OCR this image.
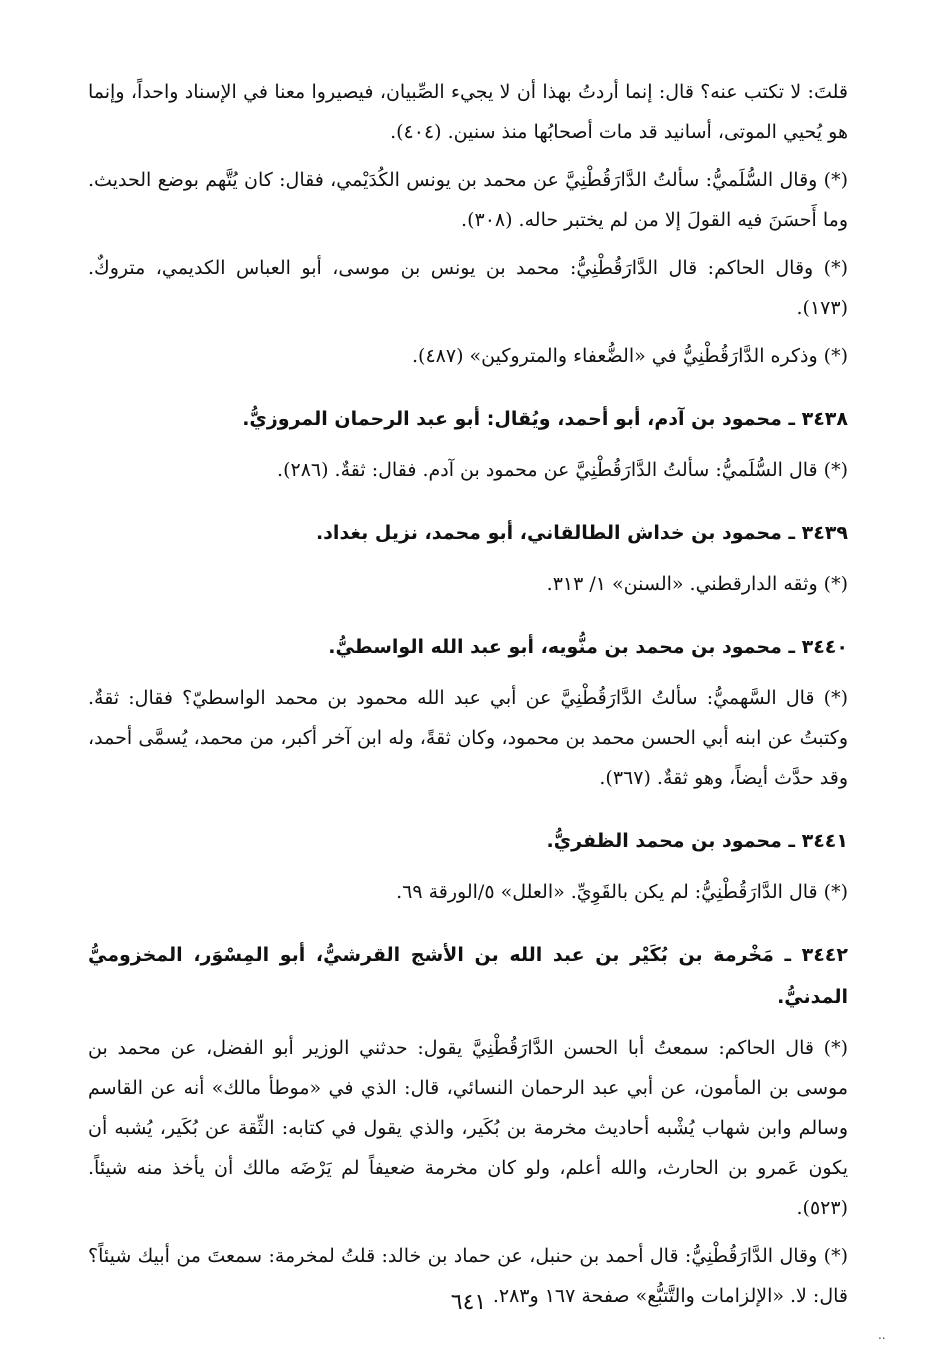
قلتَ: لا تكتب عنه؟ قال: إنما أردتُ بهذا أن لا يجيء الصِّبيان، فيصيروا معنا في الإسناد واحداً، وإنما هو يُحيي الموتى، أسانيد قد مات أصحابُها منذ سنين. (٤٠٤).

(*) وقال السُّلَميُّ: سألتُ الدَّارَقُطْنِيَّ عن محمد بن يونس الكُدَيْمي، فقال: كان يُتَّهم بوضع الحديث. وما أَحسَنَ فيه القولَ إلا من لم يختبر حاله. (٣٠٨).

(*) وقال الحاكم: قال الدَّارَقُطْنِيُّ: محمد بن يونس بن موسى، أبو العباس الكديمي، متروكٌ. (١٧٣).

(*) وذكره الدَّارَقُطْنِيُّ في «الضُّعفاء والمتروكين» (٤٨٧).

٣٤٣٨ ـ محمود بن آدم، أبو أحمد، ويُقال: أبو عبد الرحمان المروزيُّ.

(*) قال السُّلَميُّ: سألتُ الدَّارَقُطْنِيَّ عن محمود بن آدم. فقال: ثقةٌ. (٢٨٦).

٣٤٣٩ ـ محمود بن خداش الطالقاني، أبو محمد، نزيل بغداد.

(*) وثقه الدارقطني. «السنن» ١/ ٣١٣.

٣٤٤٠ ـ محمود بن محمد بن منُّويه، أبو عبد الله الواسطيُّ.

(*) قال السَّهميُّ: سألتُ الدَّارَقُطْنِيَّ عن أبي عبد الله محمود بن محمد الواسطيّ؟ فقال: ثقةٌ. وكتبتُ عن ابنه أبي الحسن محمد بن محمود، وكان ثقةً، وله ابن آخر أكبر، من محمد، يُسمَّى أحمد، وقد حدَّث أيضاً، وهو ثقةٌ. (٣٦٧).

٣٤٤١ ـ محمود بن محمد الظفريُّ.

(*) قال الدَّارَقُطْنِيُّ: لم يكن بالقَوِيِّ. «العلل» ٥/الورقة ٦٩.

٣٤٤٢ ـ مَخْرمة بن بُكَيْر بن عبد الله بن الأشج القرشيُّ، أبو المِسْوَر، المخزوميُّ المدنيُّ.

(*) قال الحاكم: سمعتُ أبا الحسن الدَّارَقُطْنِيَّ يقول: حدثني الوزير أبو الفضل، عن محمد بن موسى بن المأمون، عن أبي عبد الرحمان النسائي، قال: الذي في «موطأ مالك» أنه عن القاسم وسالم وابن شهاب يُشْبه أحاديث مخرمة بن بُكَير، والذي يقول في كتابه: الثِّقة عن بُكَير، يُشبه أن يكون عَمرو بن الحارث، والله أعلم، ولو كان مخرمة ضعيفاً لم يَرْضَه مالك أن يأخذ منه شيئاً. (٥٢٣).

(*) وقال الدَّارَقُطْنِيُّ: قال أحمد بن حنبل، عن حماد بن خالد: قلتُ لمخرمة: سمعتَ من أبيك شيئاً؟ قال: لا. «الإلزامات والتَّتبُّع» صفحة ١٦٧ و٢٨٣.

٦٤١
..
